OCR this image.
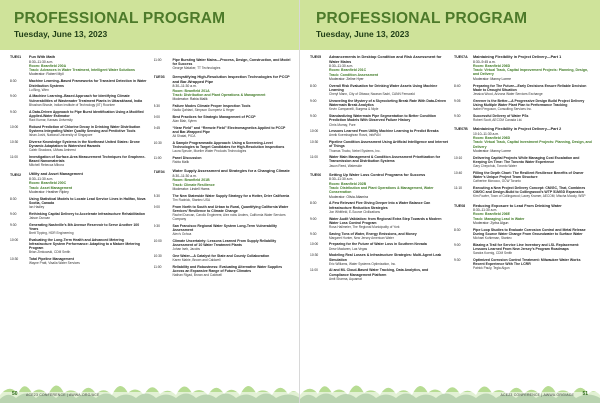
PROFESSIONAL PROGRAM
Tuesday, June 13, 2023
TUE01	Fun With Math
8:30–11:30 a.m.
Room: Beanfield 200A
Track: Advances in Water Treatment, Intelligent Water Solutions
Moderator: Robert Myll
8:30	Machine Learning–Based Frameworks for Transient Detection in Water Distribution Systems
Lu Bing, Wien
9:00	A Machine Learning–Based Approach for Identifying Climate Vulnerabilities of Wastewater Treatment Plants in Uttarakhand, India
Bhushan Bhosle, Indian Institute of Technology (IIT) Roorkee
9:30	A Data-Driven Approach to Pipe Burst Identification Using a Modified Applied-Water Estimator
Ravi Kumar, Kansas University
10:00	Robust Prediction of Chlorine Decay in Drinking Water Distribution Systems Integrating Water Quality Sensing and Predictive Tools
Ishan Joshi, National University of Singapore
10:30	Diverse Knowledge Systems in the Northeast United States: Drone Dynamic Adaptation to Watershed Hazards
Caleb Shadows, UMass Amherst
11:00	Investigation of Surface-Area Measurement Techniques for Graphene-Based Nanomaterials
Mitchell Rebecca Mibora
TUE02	Utility and Asset Management
8:30–11:30 a.m.
Room: Beanfield 200C
Track: Asset Management
Moderator: Heather Ripley
8:30	Using Statistical Models to Locate Lead Service Lines in Halifax, Nova Scotia, Canada
Ian Hadley
9:00	Rethinking Capital Delivery to Accelerate Infrastructure Rehabilitation
Jaison Duncan
9:30	Generating Nashville’s 8th Avenue Reservoir to Serve Another 100 Years
Brett Tipping, HDR Engineering
10:00	Evaluating the Long-Term Health and Advanced Metering Infrastructure System Performance: Adapting to a Mature Metering Program
Brian Zimkowski, CDM Smith
10:30	Total Pipeline Management
Wayne Pratt, Visalia Water Services
11:00	Pipe Bursting Water Mains—Process, Design, Construction, and Model for Success
George Mataker, TT Technologies
TUE03	Demystifying High-Resolution Inspection Technologies for PCCP and Bar-Wrapped Pipe
8:30–11:30 a.m.
Room: Beanfield 201A
Track: Distribution and Plant Operations & Management
Moderator: Rabia Malik
8:30	Failure Modes Climate Proper Inspection Tools
Nadia Qahtani, Simpson Gumpertz & Heger
9:00	Best Practices for Strategic Management of PCCP
Alan Blair, Xylem
9:45	“Near Field” and “Remote Field” Electromagnetics Applied to PCCP and Bar-Wrapped Pipe
Ali Shatat, PICA
10:30	A Sample Programmatic Approach: Using a Screening-Level Technologies to Target Candidates for High-Resolution Inspections
Laura Sprude, Mueller Water Products Technologies
11:00	Panel Discussion
Rabia Malik
TUE04	Water Supply Assessment and Strategies for a Changing Climate
8:30–11:30 a.m.
Room: Beanfield 201B
Track: Climate Resilience
Moderator: Lindell Hams
8:30	The New Statewide Water Supply Strategy for a Hotter, Drier California
Tim Rudnick, Stantec USA
9:00	From North to South and Urban to Rural, Quantifying California Water Services’ Resilience to Climate Change
Rachel Duncan, Carollo Engineers; Alex nobu Anders, California Water Services Company
9:30	San Francisco Regional Water System Long-Term Vulnerability Assessment
Alex’s Ochoa
10:00	Climate Uncertainty: Lessons Learned From Supply Reliability Assessment of 10 Water Treatment Plants
Johan Iseb, Jacobs
10:30	One Water—A Catalyst for State and County Collaboration
Karen Mabie, Brown and Caldwell
11:00	Reliability and Robustness: Evaluating Alternative Water Supplies Across an Expansive Range of Future Climates
Nathan Rigad, Brown and Caldwell
50 ACE23 CONFERENCE | AWWA.ORG/ACE
PROFESSIONAL PROGRAM
Tuesday, June 13, 2023
TUE05	Advancements in Desktop Condition and Risk Assessment for Water Mains
8:30–11:30 a.m.
Room: Beanfield 201C
Track: Condition Assessment
Moderator: Zeline Hyer
8:30	Overall Risk Evaluation for Drinking Water Assets Using Machine Learning
Cheryl Mann, City of Ottawa; Nwaran Sadri, CANN Fernwald
9:00	Unraveling the Mystery of a Skyrocketing Break Rate With Data-Driven Watermain Break Analytics
Kevin Campanelli, Burgess & Niple
9:30	Standardizing Watermain Pipe Segmentation to Better Condition Prediction Models With Observed Failure History
Chris Murray, Pure
10:00	Lessons Learned From Utility Machine Learning to Predict Breaks
Amrik Koemhaghran Rosni, InfoPAN
10:30	Pipeline Condition Assessment Using Artificial Intelligence and Internet of Things
Thomas Thabo, Nebel Systems, Inc.
11:00	Water Main Management & Condition Assessment Prioritization for Transmission and Distribution Systems
Jason Reed, Waterside
TUE06	Setting Up Water Loss Control Programs for Success
8:30–11:30 a.m.
Room: Beanfield 202B
Track: Distribution and Plant Operations & Management, Water Conservation
Moderator: Olivia Altamira
8:30	A Few Relevant Five Giving Deeper Into a Water Balance Can Infrastructure Reduction Strategies
Jon Whitfield, E-Source Civilizations
9:00	Water Audit Validation: from Regional Extra Step Towards a Modern Water Loss Control Program
Rosa Hallmeier, The Regional Municipality of York
9:30	Saving Tons of Water, Energy Emissions, and Money
Margaret Hunter, New Jersey American Water
10:00	Preparing for the Future of Water Loss in Southern Nevada
Drew Maclaren, Las Vegas
10:30	Modeling Real Losses & Infrastructure Strategies: Multi-Agent Leak Simulation
Eric Williams, Water Systems Optimization, Inc.
11:00	AI and ML Cloud-Based Water Tracking, Data Analytics, and Compliance Management Platform
Amit Sharma, Aquamat
TUE07A	Maintaining Flexibility in Project Delivery—Part 1
8:30–9:45 a.m.
Room: Beanfield 206D
Track: Virtual Track, Capital Improvement Projects: Planning, Design, and Delivery
Moderator: Manny Lorme
8:40	Preparing for The Future—Early Decisions Ensure Reliable Decision Made to Drought Situation
Jessica Wood, Arizona Water Services Exchange
9:05	Greener is the Better—A Progressive Design Build Project Delivery Using Multiple Water Plant Plan to Performance Tracking
Isabel Ferguson, Consulting Services Inc.
9:30	Successful Delivery of Water PSs
Robert Scott, AECOM Canada Ltd.
TUE07B	Maintaining Flexibility in Project Delivery—Part 2
10:10–11:30 a.m.
Room: Beanfield 206D
Track: Virtual Track, Capital Investment Projects: Planning, Design, and Delivery
Moderator: Manny Lorme
10:10	Delivering Capital Projects While Managing Cost Escalation and Keeping On Time: The Toronto Water Experience
Gary Chepchuk, Toronto Water
10:40	Filling the Depth Chart: The Resilient Resilience Benefits of Owner Water’s Unique Project Team Structure
Catherine Morocco, OCW Toronto
11:10	Executing a New Project Delivery Concept: CM/GC, That, Combines CM/GC and Design-Build to Collingwood’s WTP 51MGD Expansion
Kim Fowler, Town of Collingwood; Lacey Kramer, AECOM; Mischa Moody, WSP
TUE08	Reducing Exposure to Lead From Drinking Water
8:30–11:30 a.m.
Room: Beanfield 206E
Track: Managing Lead in Water
Moderator: Zyrba Algun
8:30	Pipe Loop Studies to Evaluate Corrosion Control and Metal Release During Source Water Change From Groundwater to Surface Water
Michael Kuhleman, Stantec
9:00	Blazing a Trail for Service Line Inventory and LSL Replacement: Lessons Learned From New Jersey’s Program Roadmaps
Sandra Koenig, CDM Smith
9:30	Optimized Corrosion Control Treatment: Milwaukee Water Works Recent Experience With The LCRR
Patrick Pauly, Tegla Algun
51
ACE23 CONFERENCE | AWWA.ORG/ACE
